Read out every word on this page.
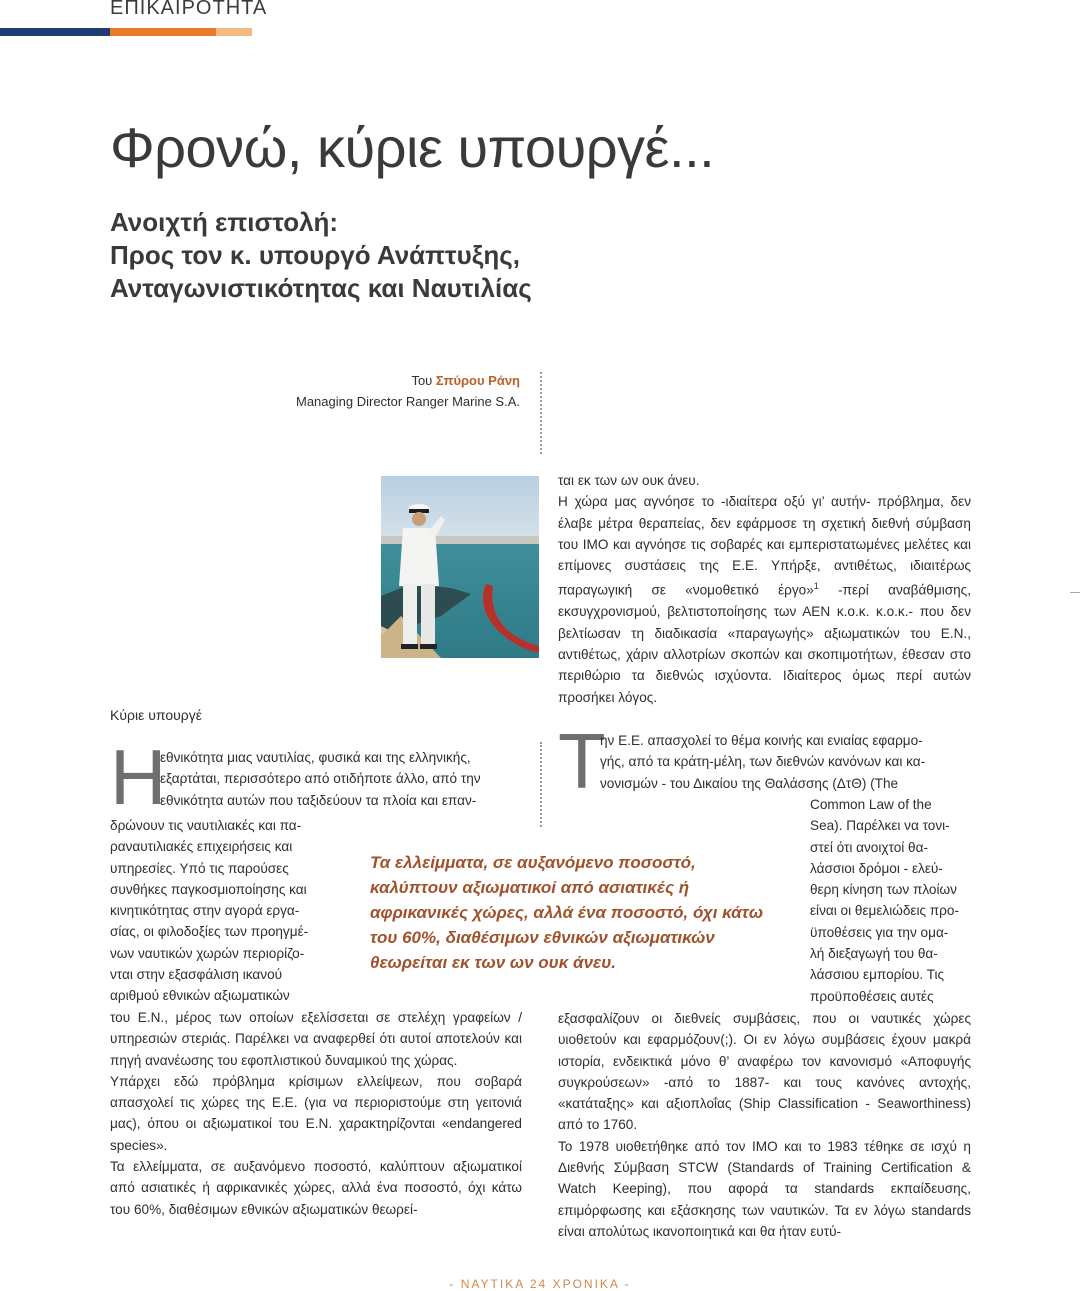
ΕΠΙΚΑΙΡΟΤΗΤΑ
Φρονώ, κύριε υπουργέ...
Ανοιχτή επιστολή:
Προς τον κ. υπουργό Ανάπτυξης,
Ανταγωνιστικότητας και Ναυτιλίας
Του Σπύρου Ράνη
Managing Director Ranger Marine S.A.
Κύριε υπουργέ
Η
εθνικότητα μιας ναυτιλίας, φυσικά και της ελληνικής,
εξαρτάται, περισσότερο από οτιδήποτε άλλο, από την
εθνικότητα αυτών που ταξιδεύουν τα πλοία και επαν-
δρώνουν τις ναυτιλιακές και πα-
ραναυτιλιακές επιχειρήσεις και
υπηρεσίες. Υπό τις παρούσες
συνθήκες παγκοσμιοποίησης και
κινητικότητας στην αγορά εργα-
σίας, οι φιλοδοξίες των προηγμέ-
νων ναυτικών χωρών περιορίζο-
νται στην εξασφάλιση ικανού
αριθμού εθνικών αξιωματικών

του Ε.Ν., μέρος των οποίων εξελίσσεται σε στελέχη γραφείων / υπηρεσιών στεριάς. Παρέλκει να αναφερθεί ότι αυτοί αποτελούν και πηγή ανανέωσης του εφοπλιστικού δυναμικού της χώρας.

Υπάρχει εδώ πρόβλημα κρίσιμων ελλείψεων, που σοβαρά απασχολεί τις χώρες της Ε.Ε. (για να περιοριστούμε στη γειτονιά μας), όπου οι αξιωματικοί του Ε.Ν. χαρακτηρίζονται «endangered species».

Τα ελλείμματα, σε αυξανόμενο ποσοστό, καλύπτουν αξιωματικοί από ασιατικές ή αφρικανικές χώρες, αλλά ένα ποσοστό, όχι κάτω του 60%, διαθέσιμων εθνικών αξιωματικών θεωρεί-

Τα ελλείμματα, σε αυξανόμενο ποσοστό, καλύπτουν αξιωματικοί από ασιατικές ή αφρικανικές χώρες, αλλά ένα ποσοστό, όχι κάτω του 60%, διαθέσιμων εθνικών αξιωματικών θεωρείται εκ των ων ουκ άνευ.

ται εκ των ων ουκ άνευ.

Η χώρα μας αγνόησε το -ιδιαίτερα οξύ γι’ αυτήν- πρόβλημα, δεν έλαβε μέτρα θεραπείας, δεν εφάρμοσε τη σχετική διεθνή σύμβαση του IMO και αγνόησε τις σοβαρές και εμπεριστατωμένες μελέτες και επίμονες συστάσεις της Ε.Ε. Υπήρξε, αντιθέτως, ιδιαιτέρως παραγωγική σε «νομοθετικό έργο»$^1$ -περί αναβάθμισης, εκσυγχρονισμού, βελτιστοποίησης των ΑΕΝ κ.ο.κ. κ.ο.κ.- που δεν βελτίωσαν τη διαδικασία «παραγωγής» αξιωματικών του Ε.Ν., αντιθέτως, χάριν αλλοτρίων σκοπών και σκοπιμοτήτων, έθεσαν στο περιθώριο τα διεθνώς ισχύοντα. Ιδιαίτερος όμως περί αυτών προσήκει λόγος.

Τ
ην Ε.Ε. απασχολεί το θέμα κοινής και ενιαίας εφαρμο-
γής, από τα κράτη-μέλη, των διεθνών κανόνων και κα-
νονισμών - του Δικαίου της Θαλάσσης (ΔτΘ) (The
Common Law of the
Sea). Παρέλκει να τονι-
στεί ότι ανοιχτοί θα-
λάσσιοι δρόμοι - ελεύ-
θερη κίνηση των πλοίων
είναι οι θεμελιώδεις προ-
ϋποθέσεις για την ομα-
λή διεξαγωγή του θα-
λάσσιου εμπορίου. Τις
προϋποθέσεις αυτές

εξασφαλίζουν οι διεθνείς συμβάσεις, που οι ναυτικές χώρες υιοθετούν και εφαρμόζουν(;). Οι εν λόγω συμβάσεις έχουν μακρά ιστορία, ενδεικτικά μόνο θ’ αναφέρω τον κανονισμό «Αποφυγής συγκρούσεων» -από το 1887- και τους κανόνες αντοχής, «κατάταξης» και αξιοπλοΐας (Ship Classification - Seaworthiness) από το 1760.

Το 1978 υιοθετήθηκε από τον IMO και το 1983 τέθηκε σε ισχύ η Διεθνής Σύμβαση STCW (Standards of Training Certification & Watch Keeping), που αφορά τα standards εκπαίδευσης, επιμόρφωσης και εξάσκησης των ναυτικών. Τα εν λόγω standards είναι απολύτως ικανοποιητικά και θα ήταν ευτύ-

- ΝΑΥΤΙΚΑ 24 ΧΡΟΝΙΚΑ -
